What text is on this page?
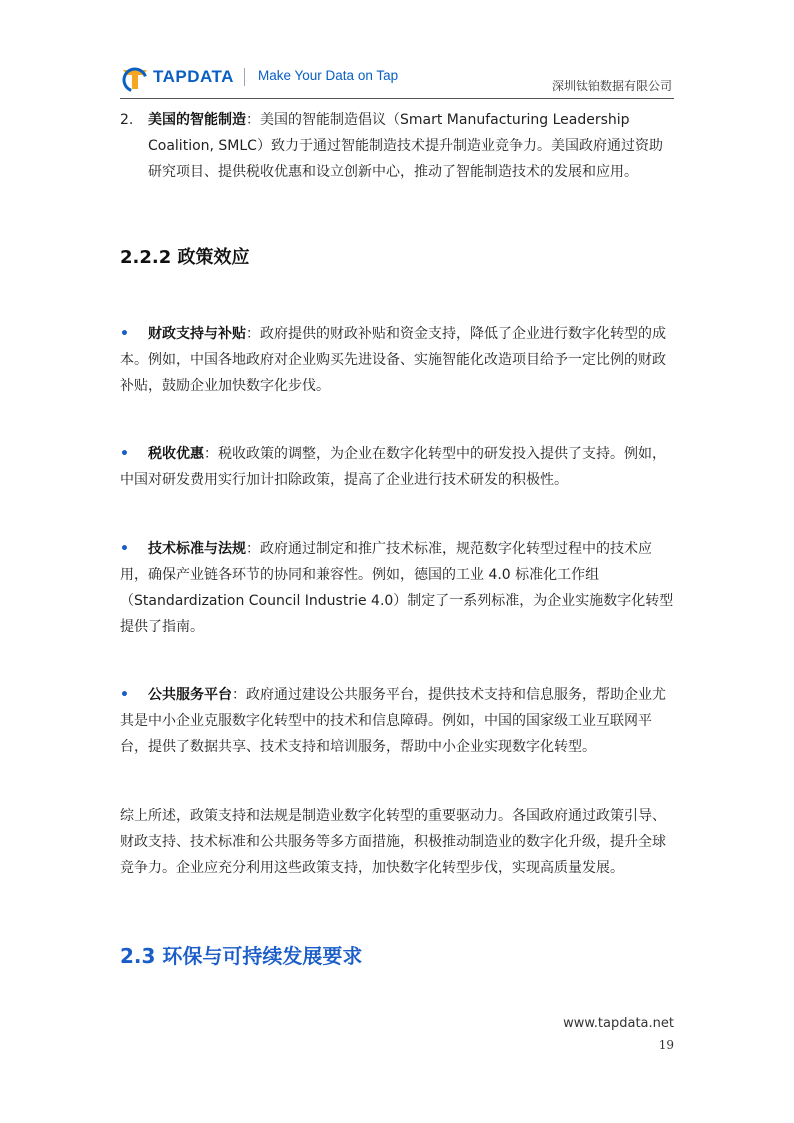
TAPDATA Make Your Data on Tap
深圳钛铂数据有限公司
2.	美国的智能制造：美国的智能制造倡议（Smart Manufacturing Leadership Coalition, SMLC）致力于通过智能制造技术提升制造业竞争力。美国政府通过资助研究项目、提供税收优惠和设立创新中心，推动了智能制造技术的发展和应用。

2.2.2 政策效应

• 财政支持与补贴：政府提供的财政补贴和资金支持，降低了企业进行数字化转型的成本。例如，中国各地政府对企业购买先进设备、实施智能化改造项目给予一定比例的财政补贴，鼓励企业加快数字化步伐。

• 税收优惠：税收政策的调整，为企业在数字化转型中的研发投入提供了支持。例如，中国对研发费用实行加计扣除政策，提高了企业进行技术研发的积极性。

• 技术标准与法规：政府通过制定和推广技术标准，规范数字化转型过程中的技术应用，确保产业链各环节的协同和兼容性。例如，德国的工业 4.0 标准化工作组（Standardization Council Industrie 4.0）制定了一系列标准，为企业实施数字化转型提供了指南。

• 公共服务平台：政府通过建设公共服务平台，提供技术支持和信息服务，帮助企业尤其是中小企业克服数字化转型中的技术和信息障碍。例如，中国的国家级工业互联网平台，提供了数据共享、技术支持和培训服务，帮助中小企业实现数字化转型。

综上所述，政策支持和法规是制造业数字化转型的重要驱动力。各国政府通过政策引导、财政支持、技术标准和公共服务等多方面措施，积极推动制造业的数字化升级，提升全球竞争力。企业应充分利用这些政策支持，加快数字化转型步伐，实现高质量发展。

2.3 环保与可持续发展要求
www.tapdata.net
19
